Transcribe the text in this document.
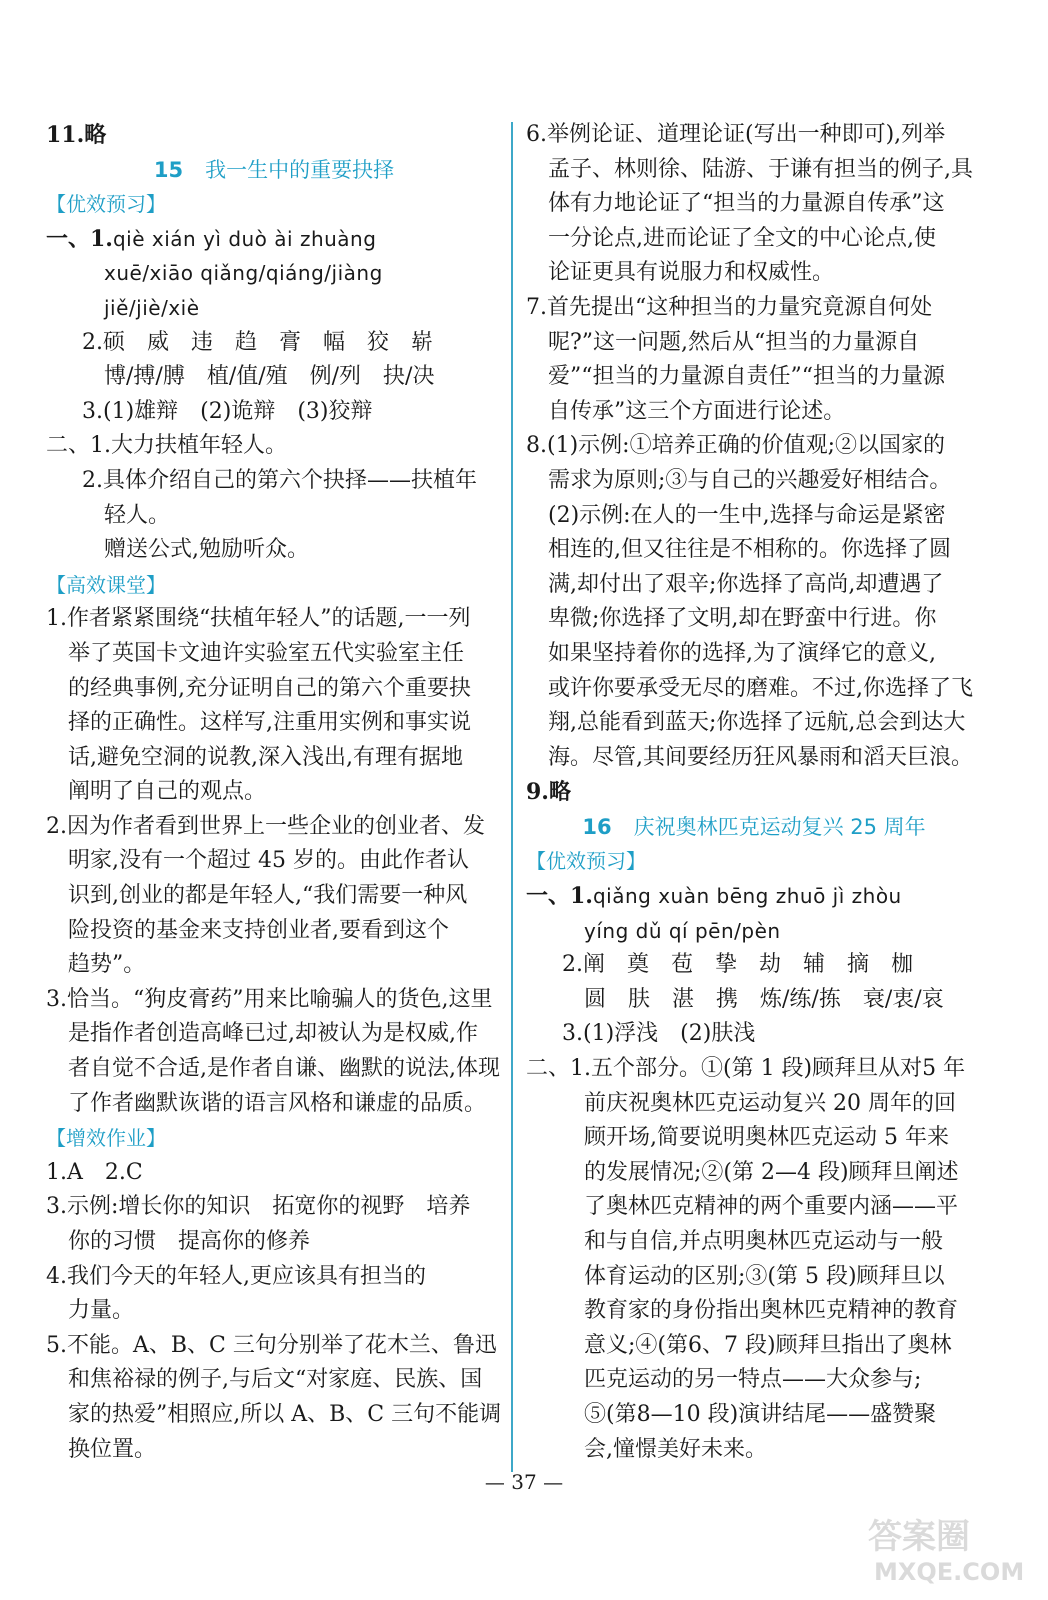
11.略
15 我一生中的重要抉择
【优效预习】
一、1.qiè xián yì duò ài zhuàng
xuē/xiāo qiǎng/qiáng/jiàng
jiě/jiè/xiè
2.硕　威　违　趋　膏　幅　狡　崭
博/搏/膊　植/值/殖　例/列　抉/决
3.(1)雄辩　(2)诡辩　(3)狡辩
二、1.大力扶植年轻人。
2.具体介绍自己的第六个抉择——扶植年
轻人。
赠送公式,勉励听众。
【高效课堂】
1.作者紧紧围绕“扶植年轻人”的话题,一一列
举了英国卡文迪许实验室五代实验室主任
的经典事例,充分证明自己的第六个重要抉
择的正确性。这样写,注重用实例和事实说
话,避免空洞的说教,深入浅出,有理有据地
阐明了自己的观点。
2.因为作者看到世界上一些企业的创业者、发
明家,没有一个超过 45 岁的。由此作者认
识到,创业的都是年轻人,“我们需要一种风
险投资的基金来支持创业者,要看到这个
趋势”。
3.恰当。“狗皮膏药”用来比喻骗人的货色,这里
是指作者创造高峰已过,却被认为是权威,作
者自觉不合适,是作者自谦、幽默的说法,体现
了作者幽默诙谐的语言风格和谦虚的品质。
【增效作业】
1.A　2.C
3.示例:增长你的知识　拓宽你的视野　培养
你的习惯　提高你的修养
4.我们今天的年轻人,更应该具有担当的
力量。
5.不能。A、B、C 三句分别举了花木兰、鲁迅
和焦裕禄的例子,与后文“对家庭、民族、国
家的热爱”相照应,所以 A、B、C 三句不能调
换位置。
6.举例论证、道理论证(写出一种即可),列举
孟子、林则徐、陆游、于谦有担当的例子,具
体有力地论证了“担当的力量源自传承”这
一分论点,进而论证了全文的中心论点,使
论证更具有说服力和权威性。
7.首先提出“这种担当的力量究竟源自何处
呢?”这一问题,然后从“担当的力量源自
爱”“担当的力量源自责任”“担当的力量源
自传承”这三个方面进行论述。
8.(1)示例:①培养正确的价值观;②以国家的
需求为原则;③与自己的兴趣爱好相结合。
(2)示例:在人的一生中,选择与命运是紧密
相连的,但又往往是不相称的。你选择了圆
满,却付出了艰辛;你选择了高尚,却遭遇了
卑微;你选择了文明,却在野蛮中行进。你
如果坚持着你的选择,为了演绎它的意义,
或许你要承受无尽的磨难。不过,你选择了飞
翔,总能看到蓝天;你选择了远航,总会到达大
海。尽管,其间要经历狂风暴雨和滔天巨浪。
9.略
16 庆祝奥林匹克运动复兴 25 周年
【优效预习】
一、1.qiǎng xuàn bēng zhuō jì zhòu
yíng dǔ qí pēn/pèn
2.阐　奠　苞　挚　劫　辅　摘　枷
圆　肤　湛　携　炼/练/拣　衰/衷/哀
3.(1)浮浅　(2)肤浅
二、1.五个部分。①(第 1 段)顾拜旦从对5 年
前庆祝奥林匹克运动复兴 20 周年的回
顾开场,简要说明奥林匹克运动 5 年来
的发展情况;②(第 2—4 段)顾拜旦阐述
了奥林匹克精神的两个重要内涵——平
和与自信,并点明奥林匹克运动与一般
体育运动的区别;③(第 5 段)顾拜旦以
教育家的身份指出奥林匹克精神的教育
意义;④(第6、7 段)顾拜旦指出了奥林
匹克运动的另一特点——大众参与;
⑤(第8—10 段)演讲结尾——盛赞聚
会,憧憬美好未来。
— 37 —
答案圈
MXQE.COM
